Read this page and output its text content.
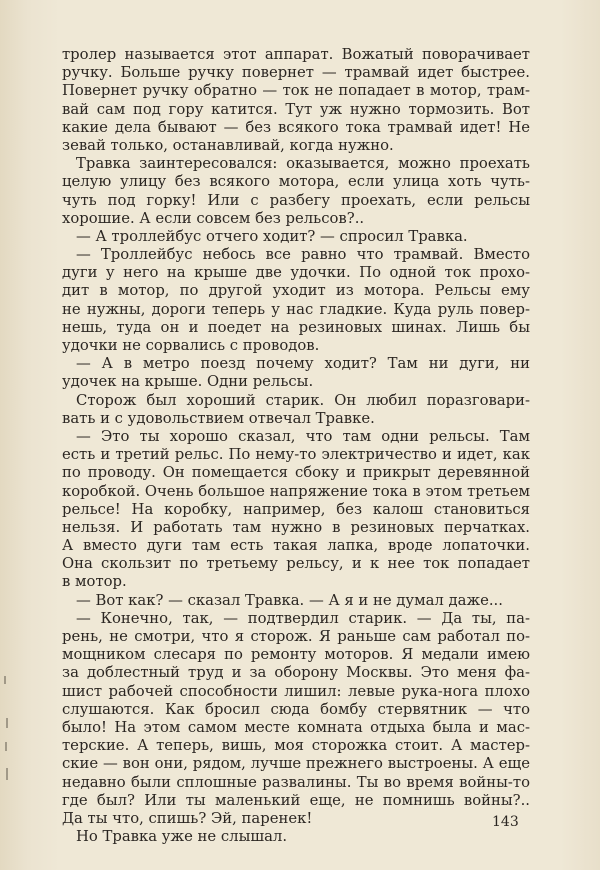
тролер называется этот аппарат. Вожатый поворачивает
ручку. Больше ручку повернет — трамвай идет быстрее.
Повернет ручку обратно — ток не попадает в мотор, трам-
вай сам под гору катится. Тут уж нужно тормозить. Вот
какие дела бывают — без всякого тока трамвай идет! Не
зевай только, останавливай, когда нужно.
Травка заинтересовался: оказывается, можно проехать
целую улицу без всякого мотора, если улица хоть чуть-
чуть под горку! Или с разбегу проехать, если рельсы
хорошие. А если совсем без рельсов?..
— А троллейбус отчего ходит? — спросил Травка.
— Троллейбус небось все равно что трамвай. Вместо
дуги у него на крыше две удочки. По одной ток прохо-
дит в мотор, по другой уходит из мотора. Рельсы ему
не нужны, дороги теперь у нас гладкие. Куда руль повер-
нешь, туда он и поедет на резиновых шинах. Лишь бы
удочки не сорвались с проводов.
— А в метро поезд почему ходит? Там ни дуги, ни
удочек на крыше. Одни рельсы.
Сторож был хороший старик. Он любил поразговари-
вать и с удовольствием отвечал Травке.
— Это ты хорошо сказал, что там одни рельсы. Там
есть и третий рельс. По нему-то электричество и идет, как
по проводу. Он помещается сбоку и прикрыт деревянной
коробкой. Очень большое напряжение тока в этом третьем
рельсе! На коробку, например, без калош становиться
нельзя. И работать там нужно в резиновых перчатках.
А вместо дуги там есть такая лапка, вроде лопаточки.
Она скользит по третьему рельсу, и к нее ток попадает
в мотор.
— Вот как? — сказал Травка. — А я и не думал даже...
— Конечно, так, — подтвердил старик. — Да ты, па-
рень, не смотри, что я сторож. Я раньше сам работал по-
мощником слесаря по ремонту моторов. Я медали имею
за доблестный труд и за оборону Москвы. Это меня фа-
шист рабочей способности лишил: левые рука-нога плохо
слушаются. Как бросил сюда бомбу стервятник — что
было! На этом самом месте комната отдыха была и мас-
терские. А теперь, вишь, моя сторожка стоит. А мастер-
ские — вон они, рядом, лучше прежнего выстроены. А еще
недавно были сплошные развалины. Ты во время войны-то
где был? Или ты маленький еще, не помнишь войны?..
Да ты что, спишь? Эй, паренек!
Но Травка уже не слышал.
143
